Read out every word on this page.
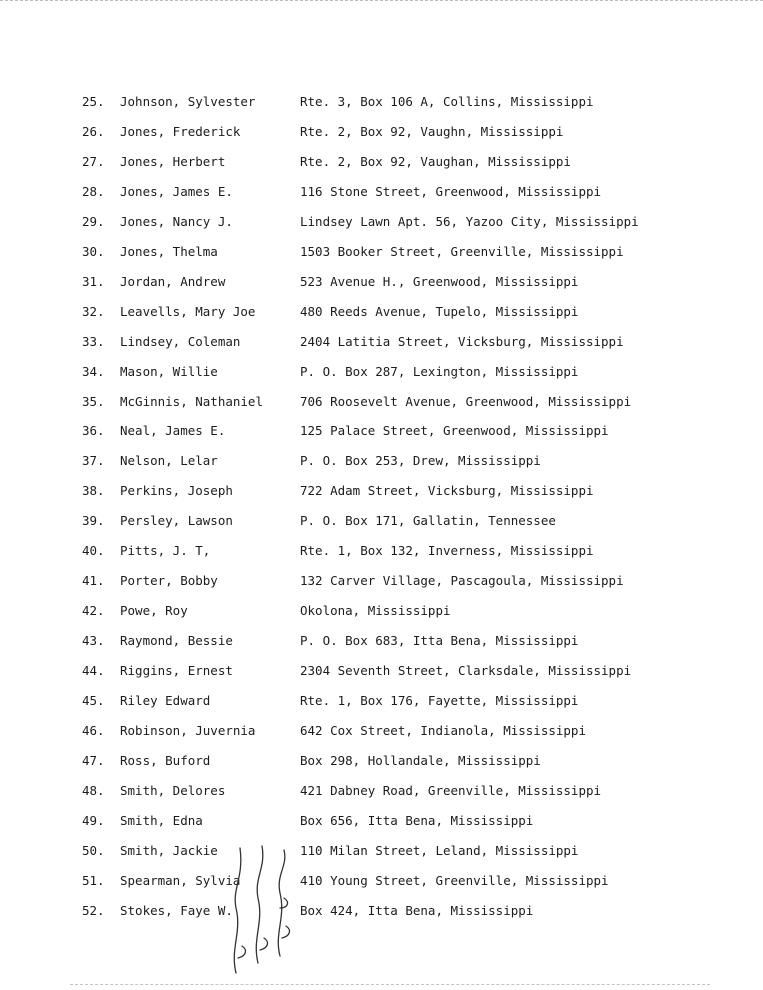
25.	Johnson, Sylvester	Rte. 3, Box 106 A, Collins, Mississippi
26.	Jones, Frederick	Rte. 2, Box 92, Vaughn, Mississippi
27.	Jones, Herbert	Rte. 2, Box 92, Vaughan, Mississippi
28.	Jones, James E.	116 Stone Street, Greenwood, Mississippi
29.	Jones, Nancy J.	Lindsey Lawn Apt. 56, Yazoo City, Mississippi
30.	Jones, Thelma	1503 Booker Street, Greenville, Mississippi
31.	Jordan, Andrew	523 Avenue H., Greenwood, Mississippi
32.	Leavells, Mary Joe	480 Reeds Avenue, Tupelo, Mississippi
33.	Lindsey, Coleman	2404 Latitia Street, Vicksburg, Mississippi
34.	Mason, Willie	P. O. Box 287, Lexington, Mississippi
35.	McGinnis, Nathaniel	706 Roosevelt Avenue, Greenwood, Mississippi
36.	Neal, James E.	125 Palace Street, Greenwood, Mississippi
37.	Nelson, Lelar	P. O. Box 253, Drew, Mississippi
38.	Perkins, Joseph	722 Adam Street, Vicksburg, Mississippi
39.	Persley, Lawson	P. O. Box 171, Gallatin, Tennessee
40.	Pitts, J. T,	Rte. 1, Box 132, Inverness, Mississippi
41.	Porter, Bobby	132 Carver Village, Pascagoula, Mississippi
42.	Powe, Roy	Okolona, Mississippi
43.	Raymond, Bessie	P. O. Box 683, Itta Bena, Mississippi
44.	Riggins, Ernest	2304 Seventh Street, Clarksdale, Mississippi
45.	Riley Edward	Rte. 1, Box 176, Fayette, Mississippi
46.	Robinson, Juvernia	642 Cox Street, Indianola, Mississippi
47.	Ross, Buford	Box 298, Hollandale, Mississippi
48.	Smith, Delores	421 Dabney Road, Greenville, Mississippi
49.	Smith, Edna	Box 656, Itta Bena, Mississippi
50.	Smith, Jackie	110 Milan Street, Leland, Mississippi
51.	Spearman, Sylvia	410 Young Street, Greenville, Mississippi
52.	Stokes, Faye W.	Box 424, Itta Bena, Mississippi
